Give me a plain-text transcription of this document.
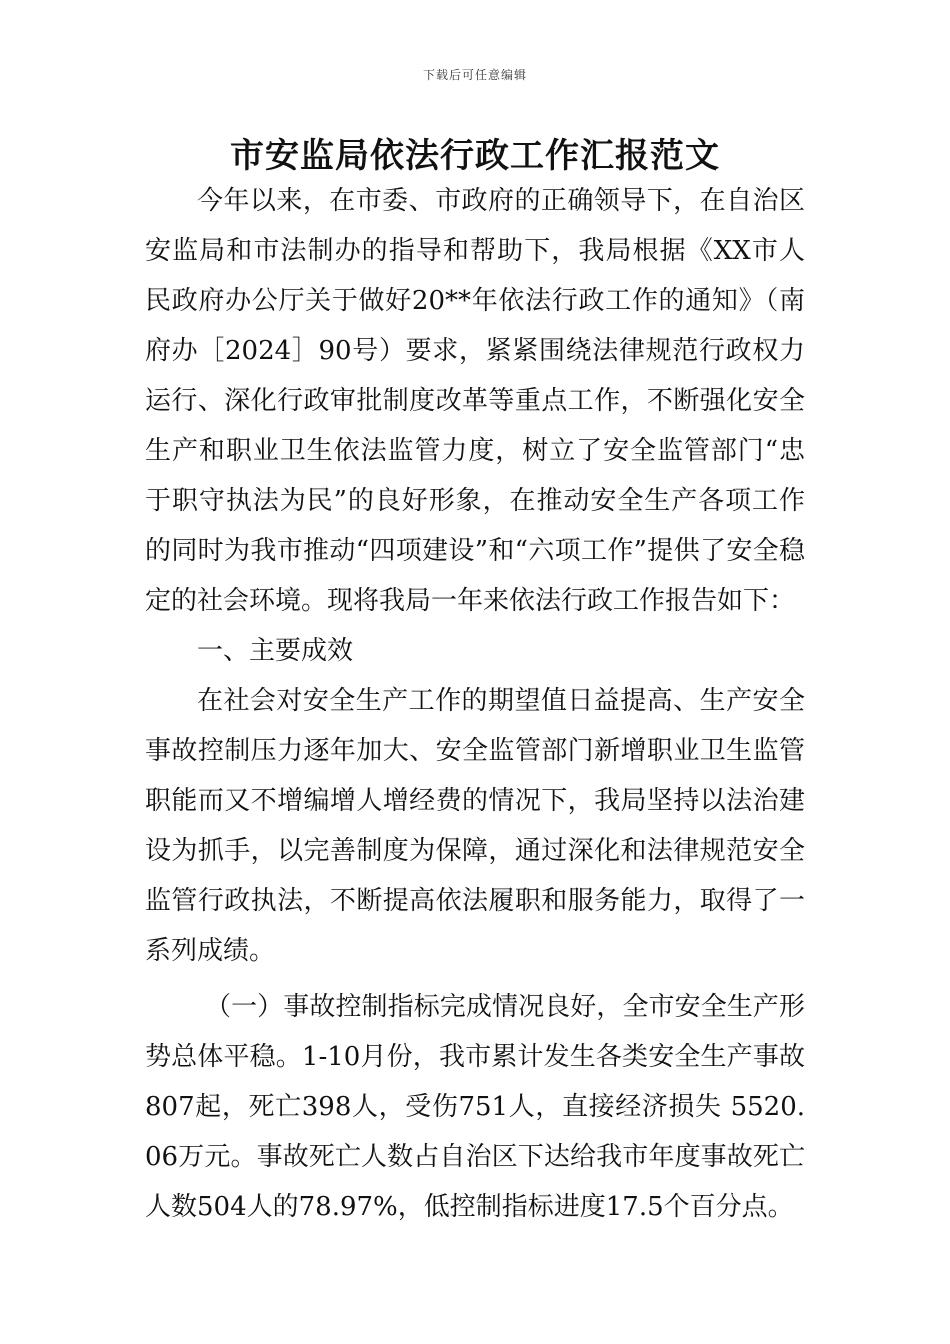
下载后可任意编辑
市安监局依法行政工作汇报范文

今年以来，在市委、市政府的正确领导下，在自治区安监局和市法制办的指导和帮助下，我局根据《XX市人民政府办公厅关于做好20**年依法行政工作的通知》（南府办［2024］90号）要求，紧紧围绕法律规范行政权力运行、深化行政审批制度改革等重点工作，不断强化安全生产和职业卫生依法监管力度，树立了安全监管部门“忠于职守执法为民”的良好形象，在推动安全生产各项工作的同时为我市推动“四项建设”和“六项工作”提供了安全稳定的社会环境。现将我局一年来依法行政工作报告如下：

一、主要成效

在社会对安全生产工作的期望值日益提高、生产安全事故控制压力逐年加大、安全监管部门新增职业卫生监管职能而又不增编增人增经费的情况下，我局坚持以法治建设为抓手，以完善制度为保障，通过深化和法律规范安全监管行政执法，不断提高依法履职和服务能力，取得了一系列成绩。

（一）事故控制指标完成情况良好，全市安全生产形势总体平稳。1-10月份，我市累计发生各类安全生产事故807起，死亡398人，受伤751人，直接经济损失 5520.06万元。事故死亡人数占自治区下达给我市年度事故死亡人数504人的78.97%，低控制指标进度17.5个百分点。
